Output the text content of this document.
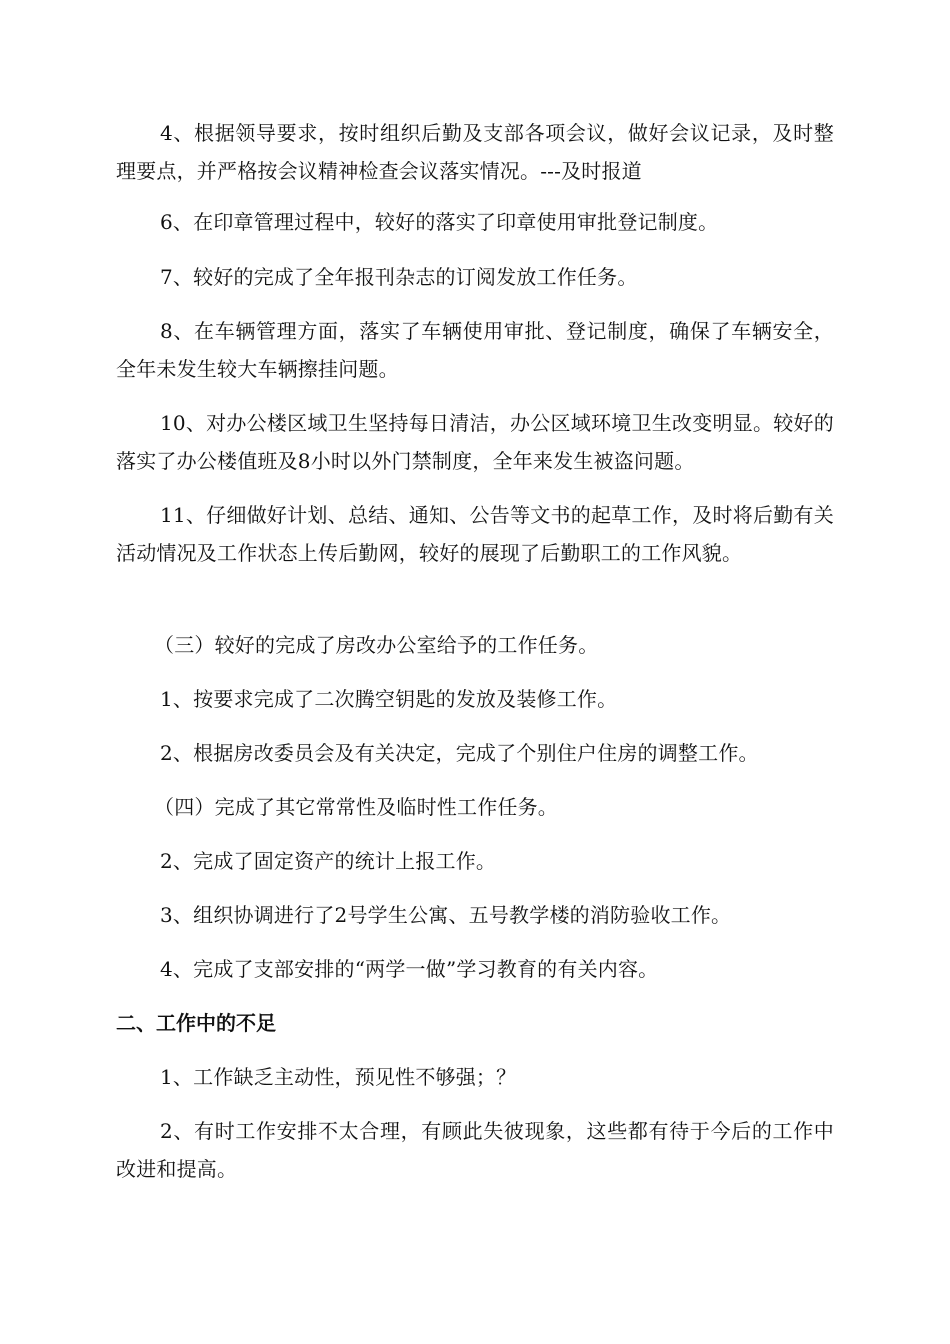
4、根据领导要求，按时组织后勤及支部各项会议，做好会议记录，及时整理要点，并严格按会议精神检查会议落实情况。---及时报道

6、在印章管理过程中，较好的落实了印章使用审批登记制度。

7、较好的完成了全年报刊杂志的订阅发放工作任务。

8、在车辆管理方面，落实了车辆使用审批、登记制度，确保了车辆安全，全年未发生较大车辆擦挂问题。

10、对办公楼区域卫生坚持每日清洁，办公区域环境卫生改变明显。较好的落实了办公楼值班及8小时以外门禁制度，全年来发生被盗问题。

11、仔细做好计划、总结、通知、公告等文书的起草工作，及时将后勤有关活动情况及工作状态上传后勤网，较好的展现了后勤职工的工作风貌。

（三）较好的完成了房改办公室给予的工作任务。

1、按要求完成了二次腾空钥匙的发放及装修工作。

2、根据房改委员会及有关决定，完成了个别住户住房的调整工作。

（四）完成了其它常常性及临时性工作任务。

2、完成了固定资产的统计上报工作。

3、组织协调进行了2号学生公寓、五号教学楼的消防验收工作。

4、完成了支部安排的“两学一做”学习教育的有关内容。

二、工作中的不足

1、工作缺乏主动性，预见性不够强；？

2、有时工作安排不太合理，有顾此失彼现象，这些都有待于今后的工作中改进和提高。
